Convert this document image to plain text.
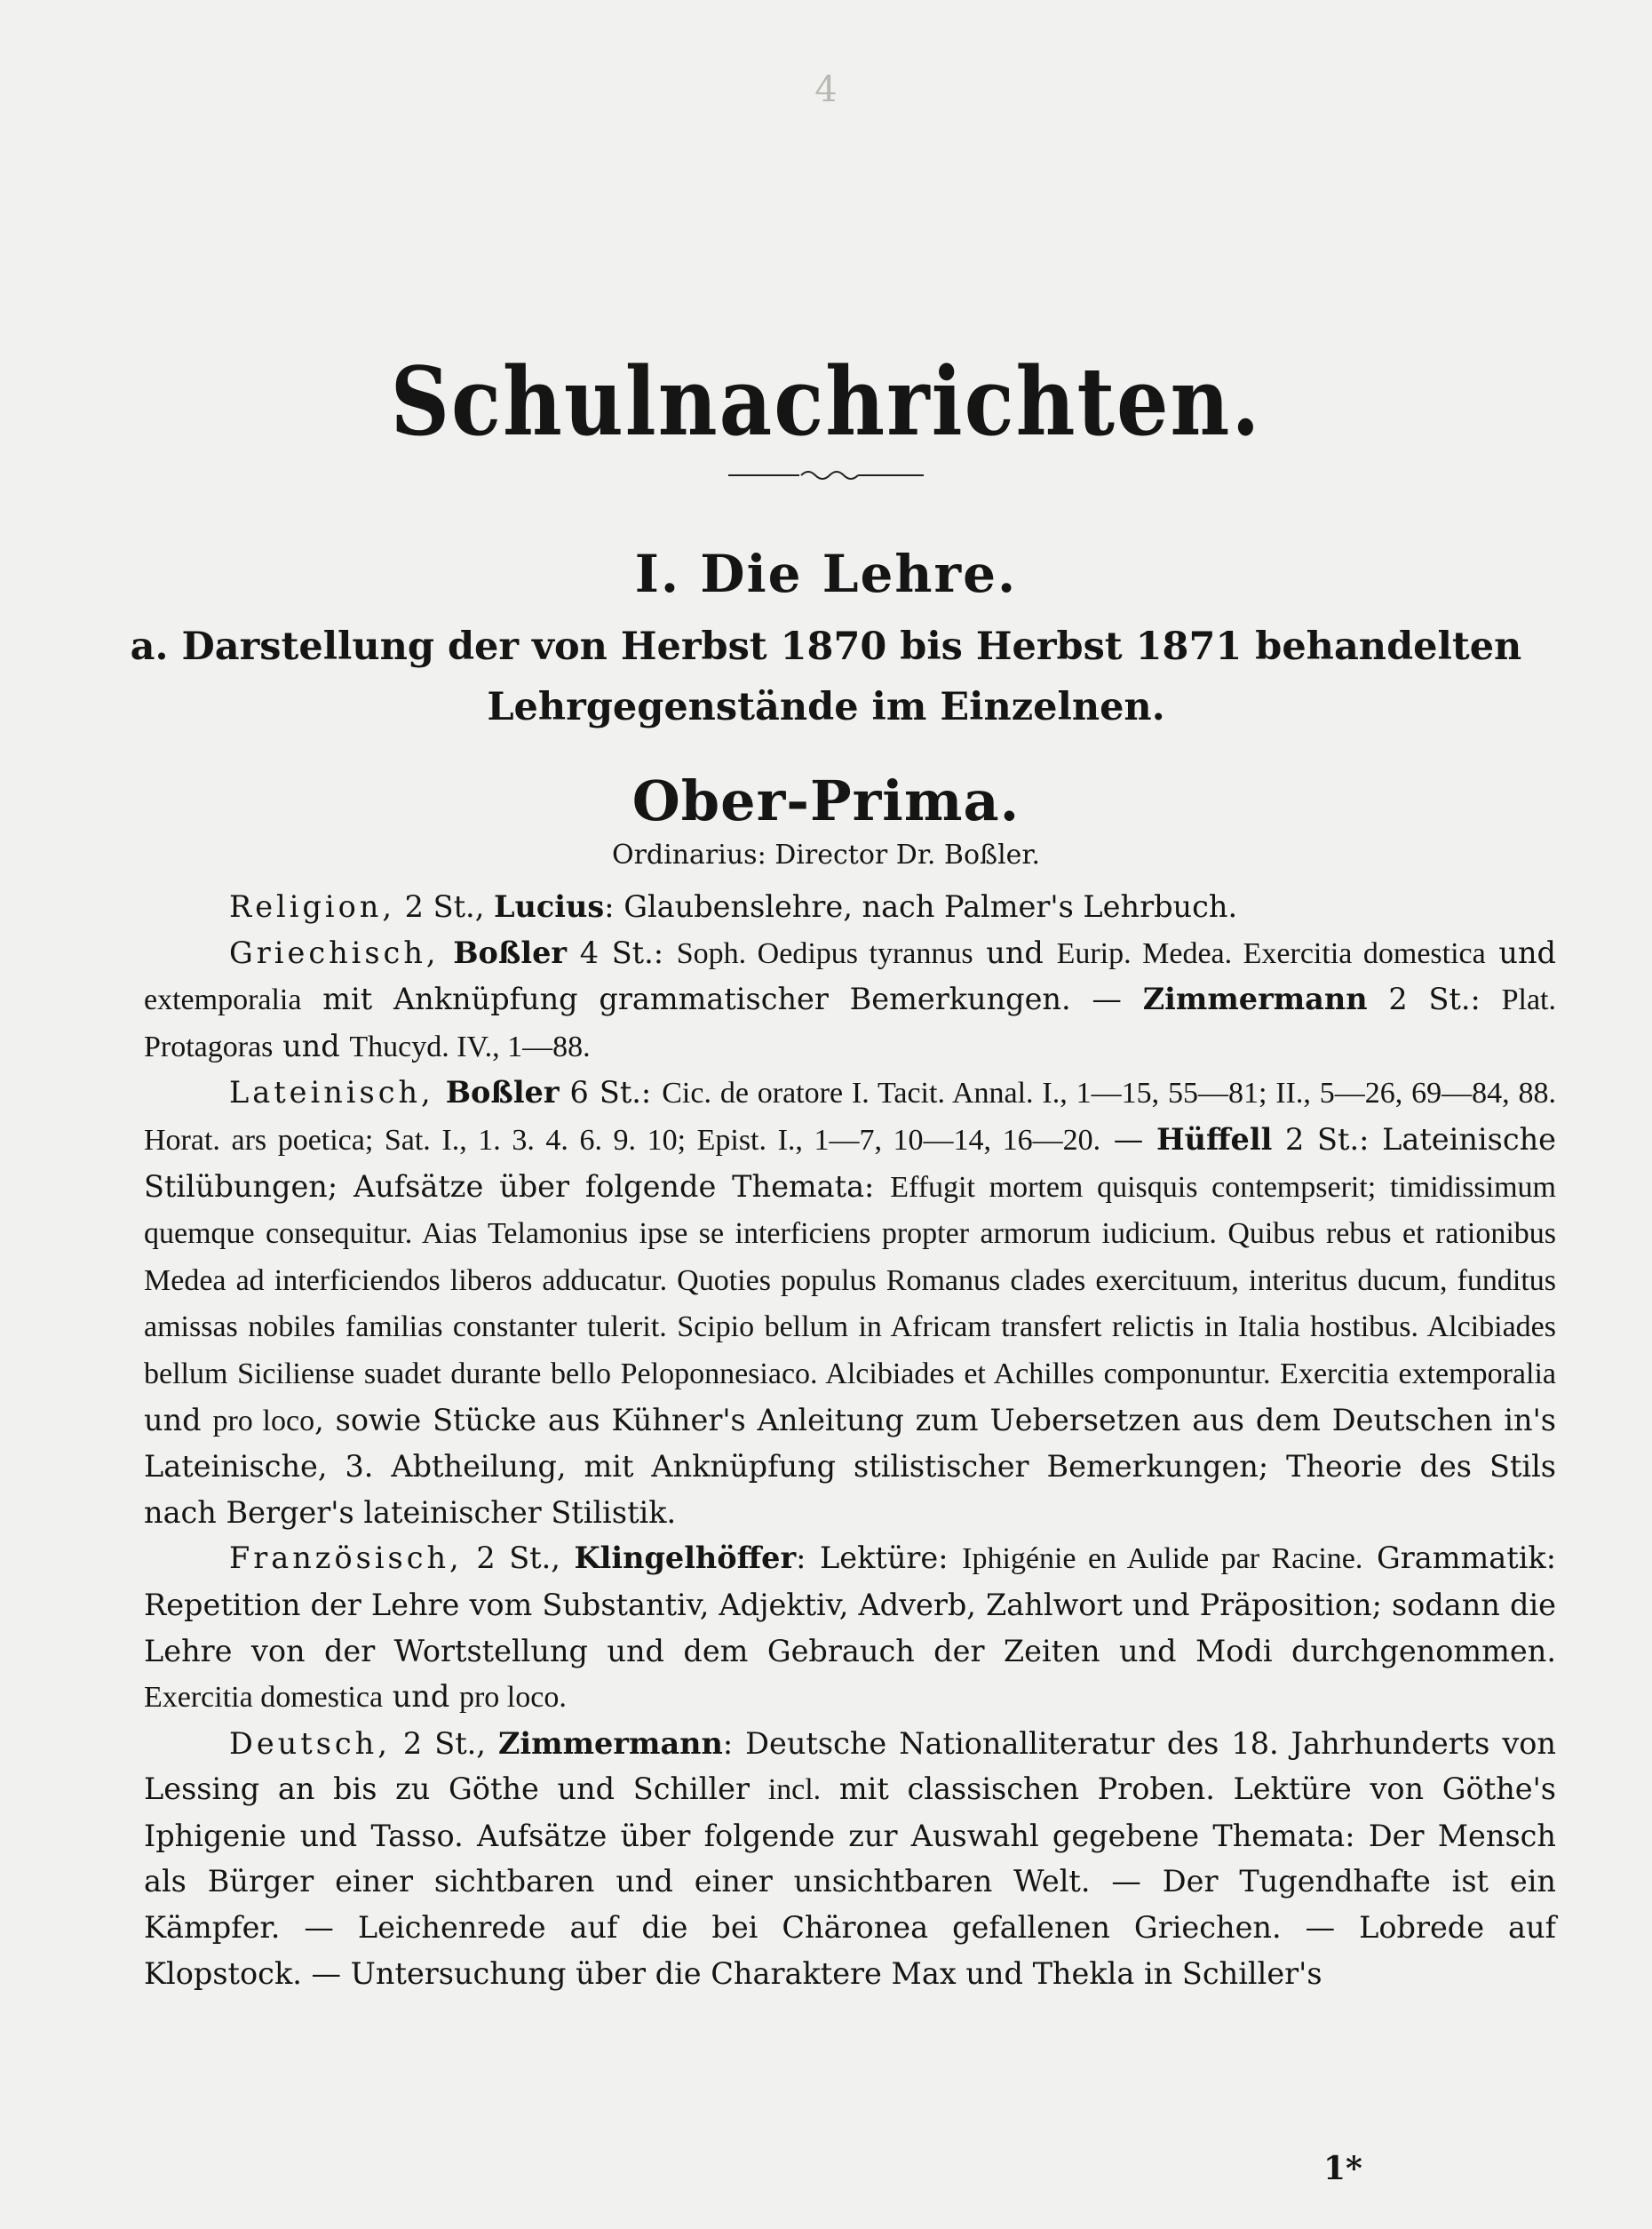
4
Schulnachrichten.
I. Die Lehre.
a. Darstellung der von Herbst 1870 bis Herbst 1871 behandelten
Lehrgegenstände im Einzelnen.
Ober-Prima.
Ordinarius: Director Dr. Boßler.

Religion, 2 St., Lucius: Glaubenslehre, nach Palmer's Lehrbuch.

Griechisch, Boßler 4 St.: Soph. Oedipus tyrannus und Eurip. Medea. Exercitia domestica und extemporalia mit Anknüpfung grammatischer Bemerkungen. — Zimmermann 2 St.: Plat. Protagoras und Thucyd. IV., 1—88.

Lateinisch, Boßler 6 St.: Cic. de oratore I. Tacit. Annal. I., 1—15, 55—81; II., 5—26, 69—84, 88. Horat. ars poetica; Sat. I., 1. 3. 4. 6. 9. 10; Epist. I., 1—7, 10—14, 16—20. — Hüffell 2 St.: Lateinische Stilübungen; Aufsätze über folgende Themata: Effugit mortem quisquis contempserit; timidissimum quemque consequitur. Aias Telamonius ipse se interficiens propter armorum iudicium. Quibus rebus et rationibus Medea ad interficiendos liberos adducatur. Quoties populus Romanus clades exercituum, interitus ducum, funditus amissas nobiles familias constanter tulerit. Scipio bellum in Africam transfert relictis in Italia hostibus. Alcibiades bellum Siciliense suadet durante bello Peloponnesiaco. Alcibiades et Achilles componuntur. Exercitia extemporalia und pro loco, sowie Stücke aus Kühner's Anleitung zum Uebersetzen aus dem Deutschen in's Lateinische, 3. Abtheilung, mit Anknüpfung stilistischer Bemerkungen; Theorie des Stils nach Berger's lateinischer Stilistik.

Französisch, 2 St., Klingelhöffer: Lektüre: Iphigénie en Aulide par Racine. Grammatik: Repetition der Lehre vom Substantiv, Adjektiv, Adverb, Zahlwort und Präposition; sodann die Lehre von der Wortstellung und dem Gebrauch der Zeiten und Modi durchgenommen. Exercitia domestica und pro loco.

Deutsch, 2 St., Zimmermann: Deutsche Nationalliteratur des 18. Jahrhunderts von Lessing an bis zu Göthe und Schiller incl. mit classischen Proben. Lektüre von Göthe's Iphigenie und Tasso. Aufsätze über folgende zur Auswahl gegebene Themata: Der Mensch als Bürger einer sichtbaren und einer unsichtbaren Welt. — Der Tugendhafte ist ein Kämpfer. — Leichenrede auf die bei Chäronea gefallenen Griechen. — Lobrede auf Klopstock. — Untersuchung über die Charaktere Max und Thekla in Schiller's

1*
